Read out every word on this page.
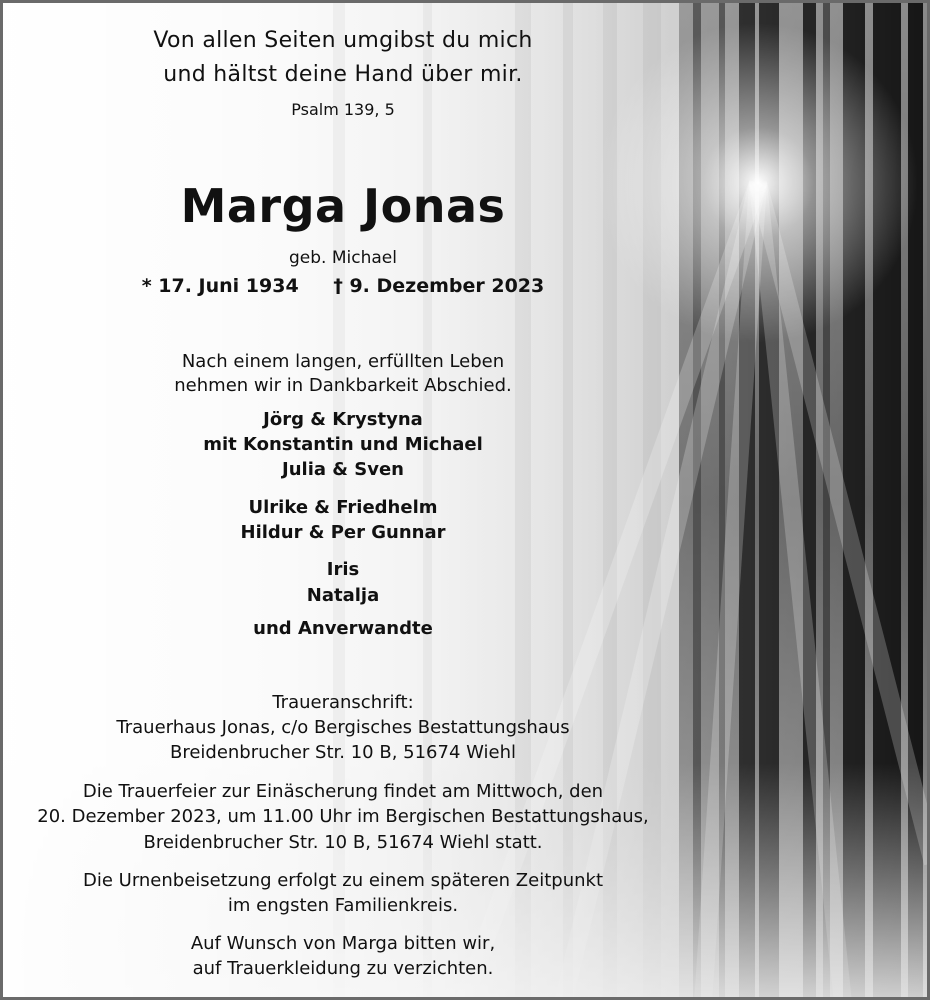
Von allen Seiten umgibst du mich
und hältst deine Hand über mir.
Psalm 139, 5
Marga Jonas
geb. Michael
* 17. Juni 1934 † 9. Dezember 2023
Nach einem langen, erfüllten Leben
nehmen wir in Dankbarkeit Abschied.
Jörg & Krystyna
mit Konstantin und Michael
Julia & Sven
Ulrike & Friedhelm
Hildur & Per Gunnar
Iris
Natalja
und Anverwandte
Traueranschrift:
Trauerhaus Jonas, c/o Bergisches Bestattungshaus
Breidenbrucher Str. 10 B, 51674 Wiehl
Die Trauerfeier zur Einäscherung findet am Mittwoch, den
20. Dezember 2023, um 11.00 Uhr im Bergischen Bestattungshaus,
Breidenbrucher Str. 10 B, 51674 Wiehl statt.
Die Urnenbeisetzung erfolgt zu einem späteren Zeitpunkt
im engsten Familienkreis.
Auf Wunsch von Marga bitten wir,
auf Trauerkleidung zu verzichten.
